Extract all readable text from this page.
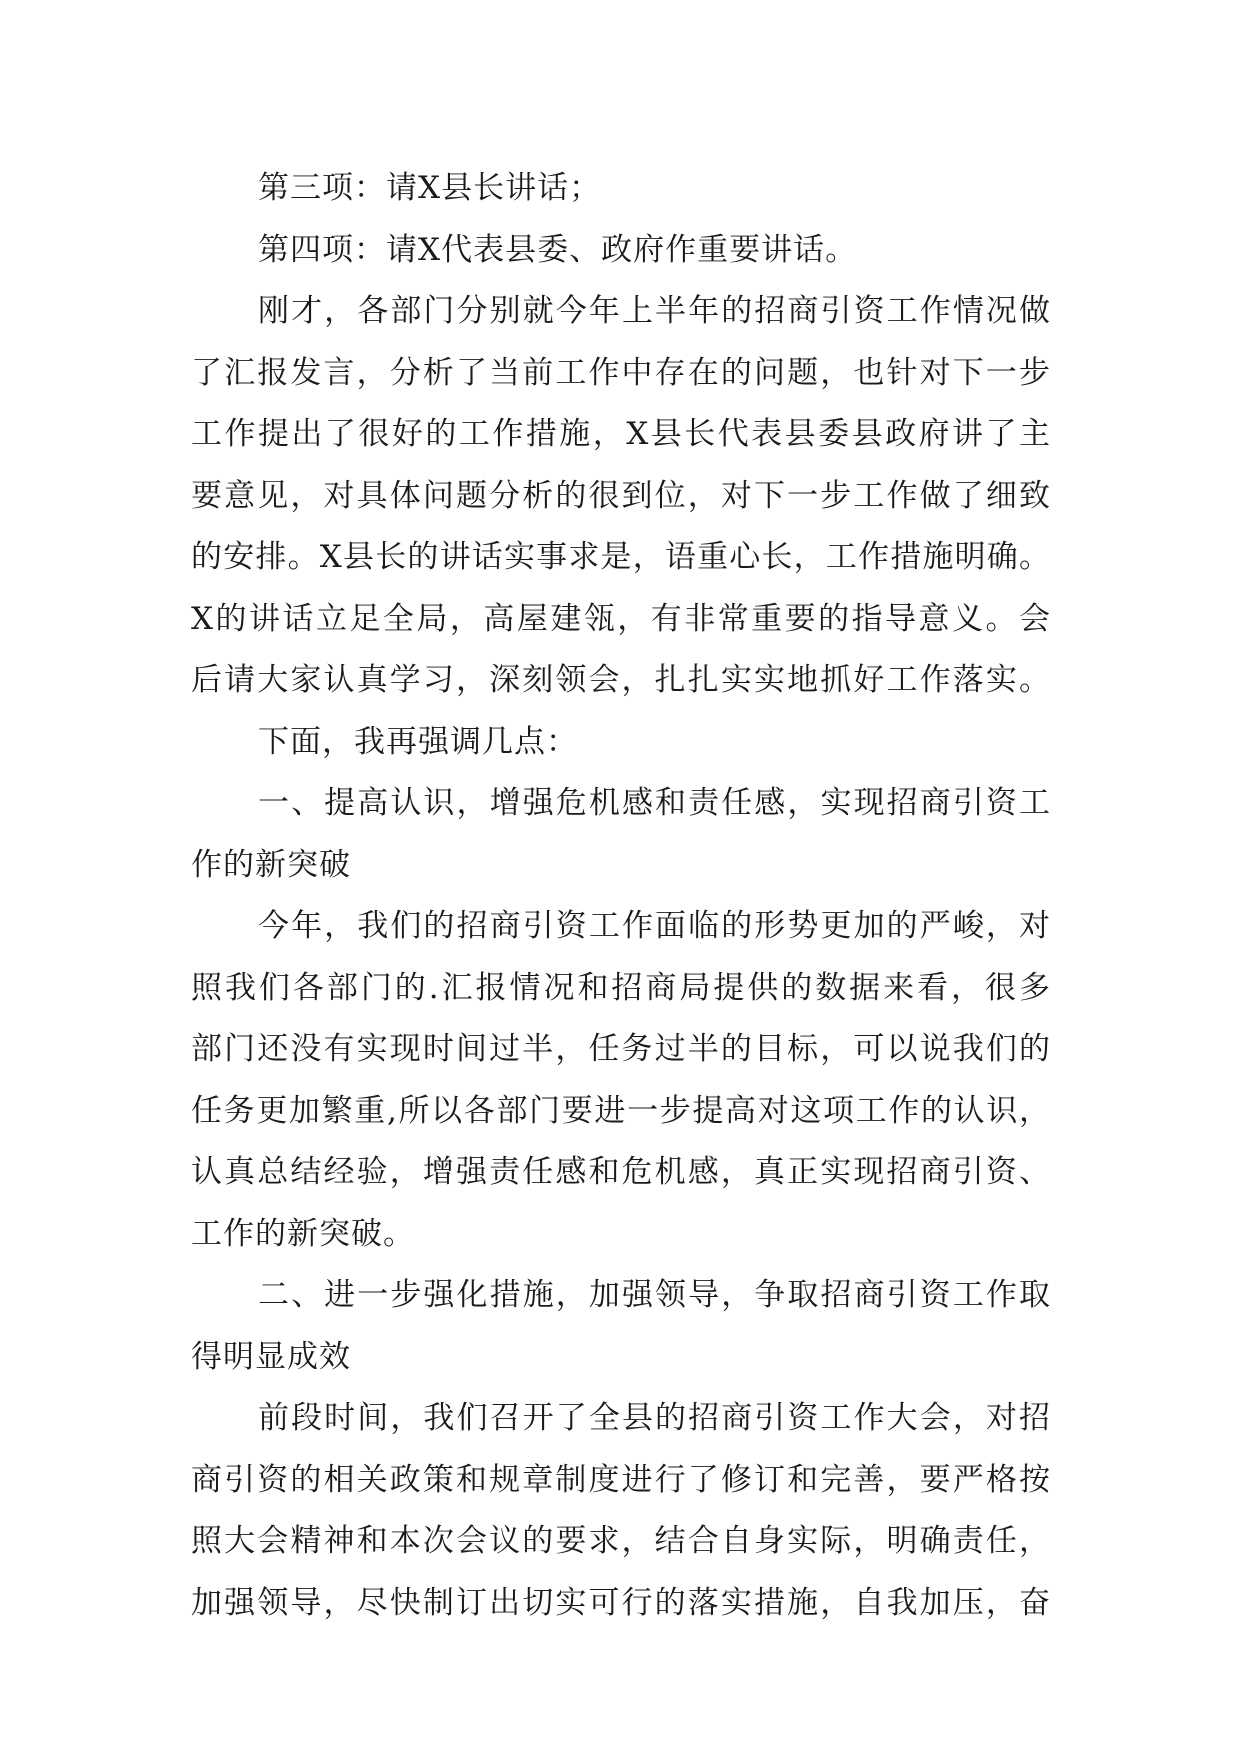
第三项：请X县长讲话；
第四项：请X代表县委、政府作重要讲话。
刚才，各部门分别就今年上半年的招商引资工作情况做
了汇报发言，分析了当前工作中存在的问题，也针对下一步
工作提出了很好的工作措施，X县长代表县委县政府讲了主
要意见，对具体问题分析的很到位，对下一步工作做了细致
的安排。X县长的讲话实事求是，语重心长，工作措施明确。
X的讲话立足全局，高屋建瓴，有非常重要的指导意义。会
后请大家认真学习，深刻领会，扎扎实实地抓好工作落实。
下面，我再强调几点：
一、提高认识，增强危机感和责任感，实现招商引资工
作的新突破
今年，我们的招商引资工作面临的形势更加的严峻，对
照我们各部门的.汇报情况和招商局提供的数据来看，很多
部门还没有实现时间过半，任务过半的目标，可以说我们的
任务更加繁重,所以各部门要进一步提高对这项工作的认识，
认真总结经验，增强责任感和危机感，真正实现招商引资、
工作的新突破。
二、进一步强化措施，加强领导，争取招商引资工作取
得明显成效
前段时间，我们召开了全县的招商引资工作大会，对招
商引资的相关政策和规章制度进行了修订和完善，要严格按
照大会精神和本次会议的要求，结合自身实际，明确责任，
加强领导，尽快制订出切实可行的落实措施，自我加压，奋
